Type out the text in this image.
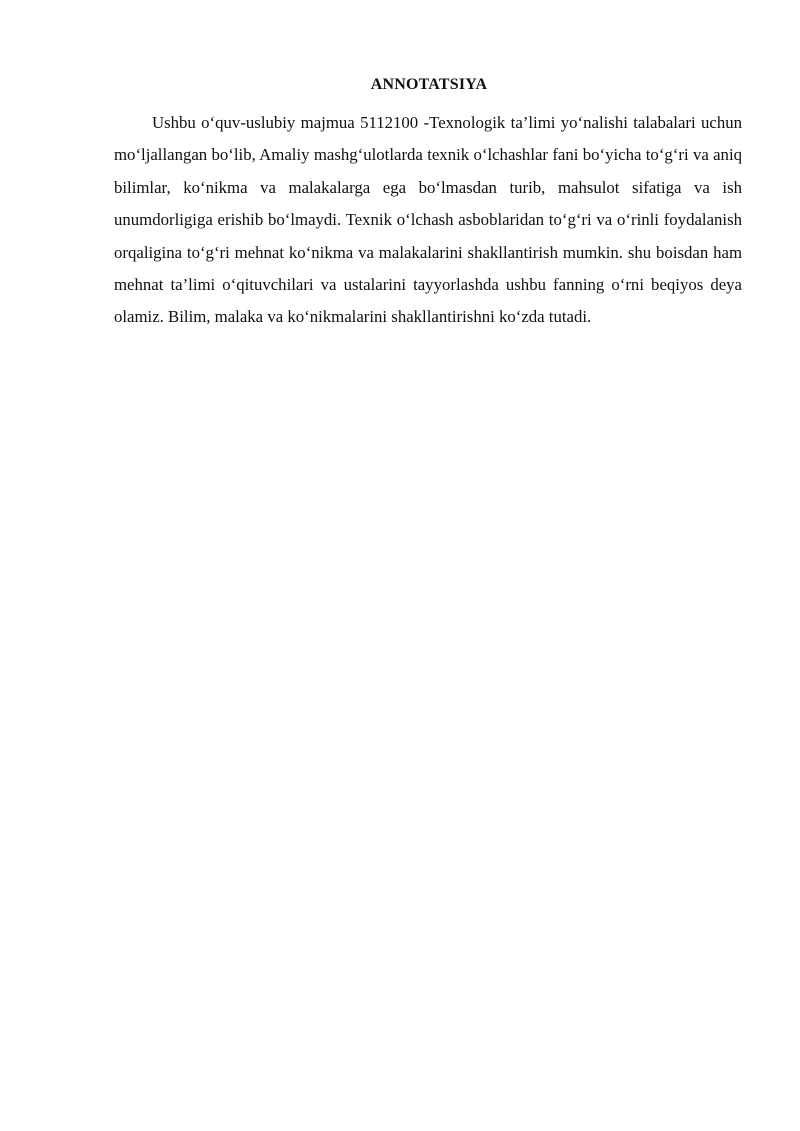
ANNOTATSIYA

Ushbu o‘quv-uslubiy majmua 5112100 -Texnologik ta’limi yo‘nalishi talabalari uchun mo‘ljallangan bo‘lib, Amaliy mashg‘ulotlarda texnik o‘lchashlar fani bo‘yicha to‘g‘ri va aniq bilimlar, ko‘nikma va malakalarga ega bo‘lmasdan turib, mahsulot sifatiga va ish unumdorligiga erishib bo‘lmaydi. Texnik o‘lchash asboblaridan to‘g‘ri va o‘rinli foydalanish orqaligina to‘g‘ri mehnat ko‘nikma va malakalarini shakllantirish mumkin. shu boisdan ham mehnat ta’limi o‘qituvchilari va ustalarini tayyorlashda ushbu fanning o‘rni beqiyos deya olamiz. Bilim, malaka va ko‘nikmalarini shakllantirishni ko‘zda tutadi.
